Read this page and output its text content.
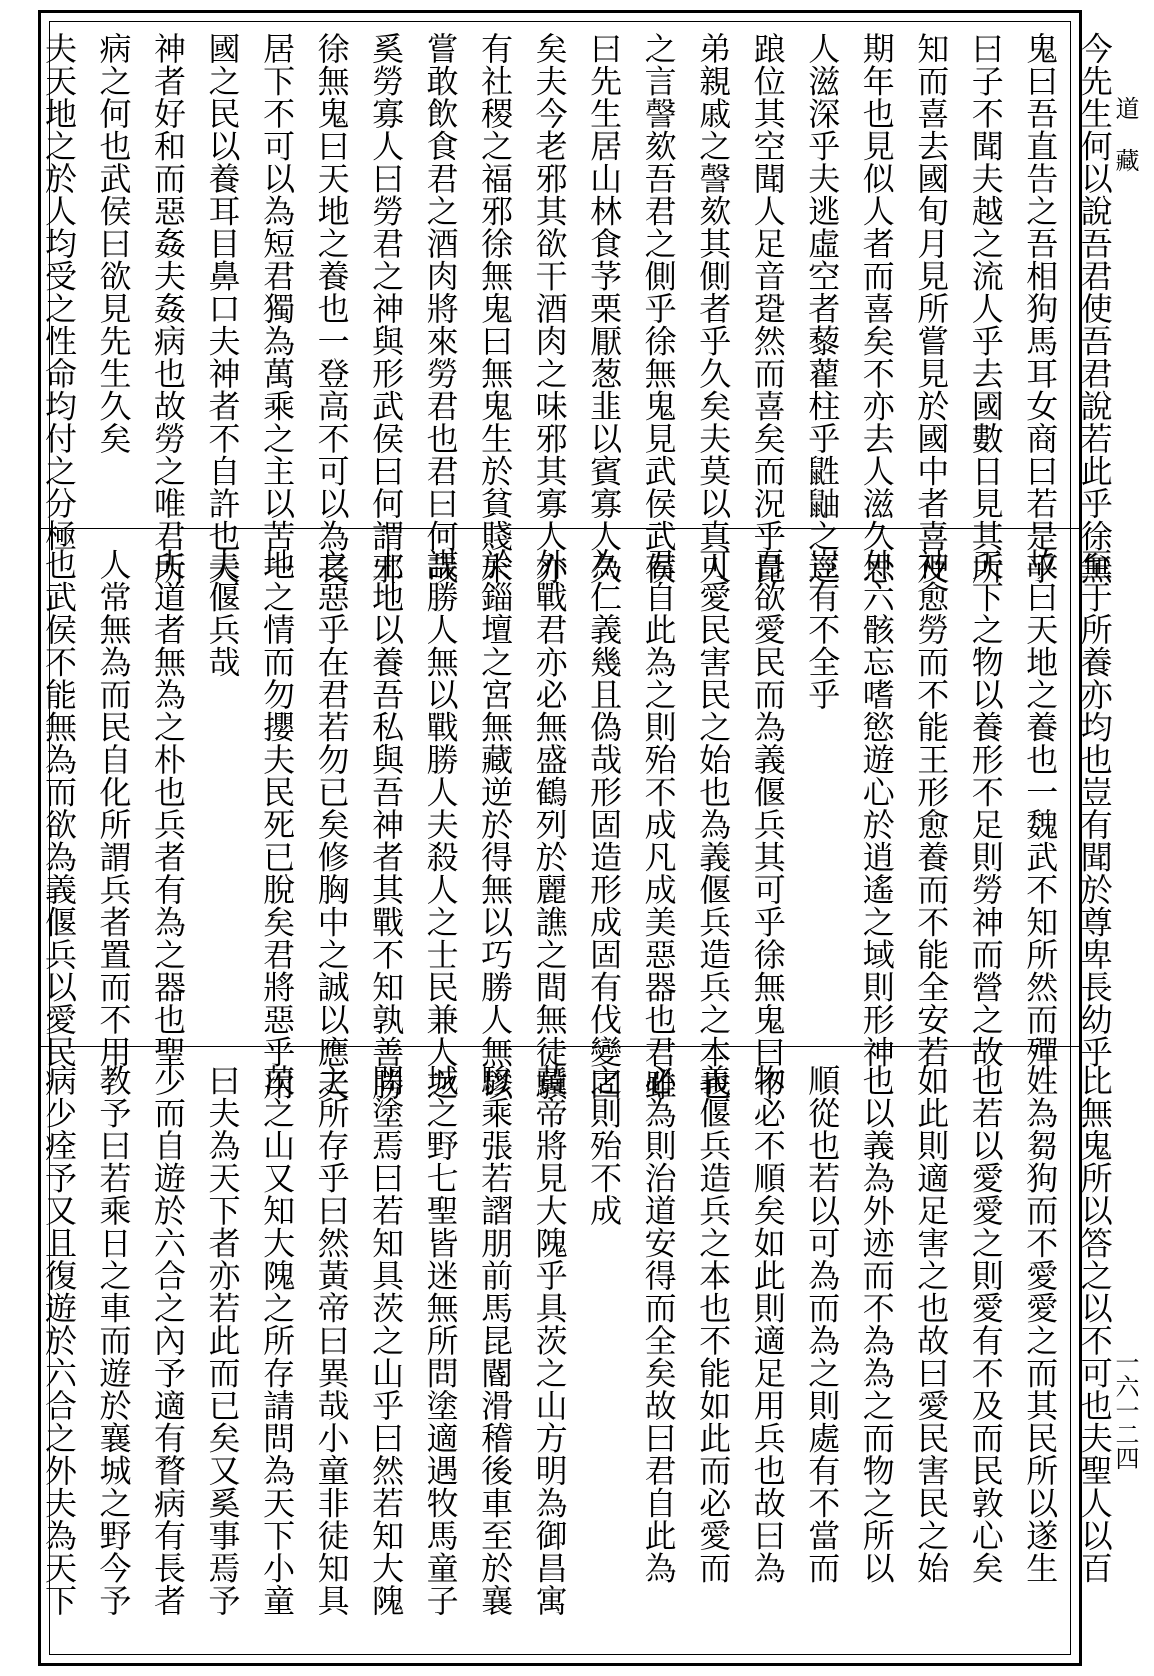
今先生何以說吾君使吾君說若此乎徐無
鬼曰吾直告之吾相狗馬耳女商曰若是乎
曰子不聞夫越之流人乎去國數日見其所
知而喜去國旬月見所嘗見於國中者喜及
期年也見似人者而喜矣不亦去人滋久思
人滋深乎夫逃虛空者藜藋柱乎鼪鼬之逕
踉位其空聞人足音跫然而喜矣而況乎昆
弟親戚之謦欬其側者乎久矣夫莫以真人
之言謦欬吾君之側乎徐無鬼見武侯武侯
曰先生居山林食芧栗厭葱韭以賓寡人久
矣夫今老邪其欲干酒肉之味邪其寡人亦
有社稷之福邪徐無鬼曰無鬼生於貧賤未
嘗敢飲食君之酒肉將來勞君也君曰何哉
奚勞寡人曰勞君之神與形武侯曰何謂邪
徐無鬼曰天地之養也一登高不可以為長
居下不可以為短君獨為萬乘之主以苦一
國之民以養耳目鼻口夫神者不自許也夫
神者好和而惡姦夫姦病也故勞之唯君所
病之何也武侯曰欲見先生久矣
夫天地之於人均受之性命均付之分極
至于所養亦均也豈有聞於尊卑長幼乎
故曰天地之養也一魏武不知所然而殫
天下之物以養形不足則勞神而營之故
神愈勞而不能王形愈養而不能全安若
外六骸忘嗜慾遊心於逍遙之域則形神
豈有不全乎
吾欲愛民而為義偃兵其可乎徐無鬼曰不
可愛民害民之始也為義偃兵造兵之本也
君自此為之則殆不成凡成美惡器也君雖
為仁義幾且偽哉形固造形成固有伐變固
外戰君亦必無盛鶴列於麗譙之間無徒驥
於錙壇之宮無藏逆於得無以巧勝人無以
謀勝人無以戰勝人夫殺人之士民兼人之
土地以養吾私與吾神者其戰不知孰善勝
之惡乎在君若勿已矣修胸中之誠以應天
地之情而勿攖夫民死已脫矣君將惡乎用
夫偃兵哉
夫道者無為之朴也兵者有為之器也聖
人常無為而民自化所謂兵者置而不用
也武侯不能無為而欲為義偃兵以愛民
比無鬼所以答之以不可也夫聖人以百
姓為芻狗而不愛愛之而其民所以遂生
也若以愛愛之則愛有不及而民敦心矣
如此則適足害之也故曰愛民害民之始
也以義為外迹而不為為之而物之所以
順從也若以可為而為之則處有不當而
物必不順矣如此則適足用兵也故曰為
義偃兵造兵之本也不能如此而必愛而
必為則治道安得而全矣故曰君自此為
之則殆不成
黃帝將見大隗乎具茨之山方明為御昌寓
驂乘張若謵朋前馬昆閽滑稽後車至於襄
城之野七聖皆迷無所問塗適遇牧馬童子
問塗焉曰若知具茨之山乎曰然若知大隗
之所存乎曰然黃帝曰異哉小童非徒知具
茨之山又知大隗之所存請問為天下小童
曰夫為天下者亦若此而已矣又奚事焉予
少而自遊於六合之內予適有瞀病有長者
教予曰若乘日之車而遊於襄城之野今予
病少痊予又且復遊於六合之外夫為天下
道 藏
一六一二四
